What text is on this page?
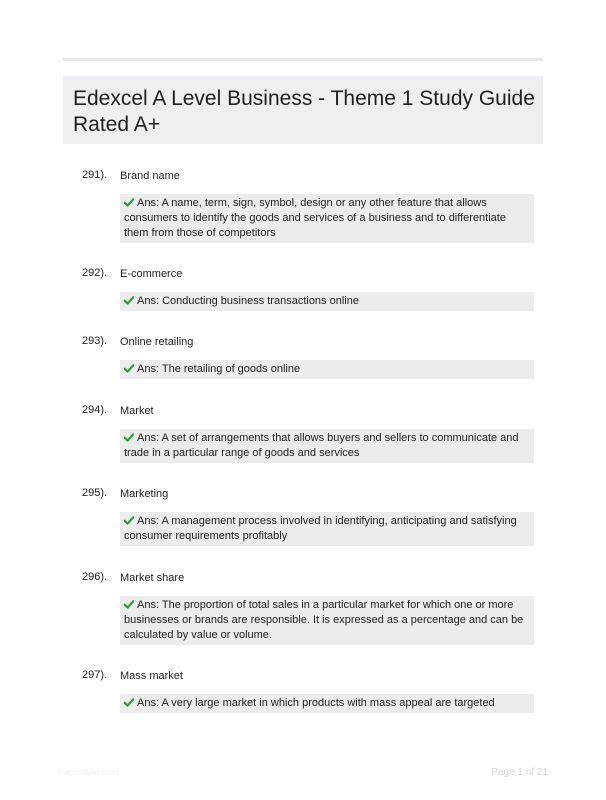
Edexcel A Level Business - Theme 1 Study Guide Rated A+
291). Brand name
Ans: A name, term, sign, symbol, design or any other feature that allows consumers to identify the goods and services of a business and to differentiate them from those of competitors
292). E-commerce
Ans: Conducting business transactions online
293). Online retailing
Ans: The retailing of goods online
294). Market
Ans: A set of arrangements that allows buyers and sellers to communicate and trade in a particular range of goods and services
295). Marketing
Ans: A management process involved in identifying, anticipating and satisfying consumer requirements profitably
296). Market share
Ans: The proportion of total sales in a particular market for which one or more businesses or brands are responsible. It is expressed as a percentage and can be calculated by value or volume.
297). Mass market
Ans: A very large market in which products with mass appeal are targeted
PaperWiki.com	Page 1 of 21
